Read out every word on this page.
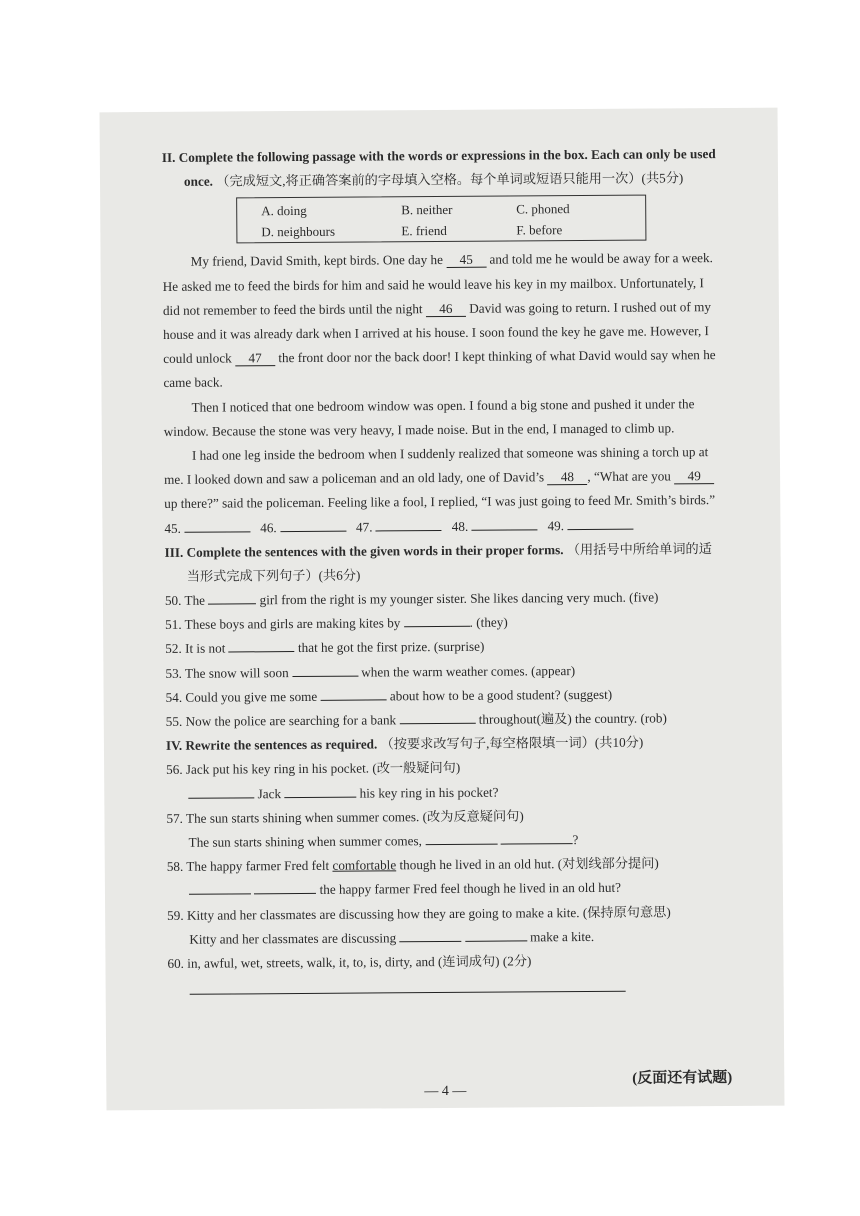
II. Complete the following passage with the words or expressions in the box. Each can only be used once. （完成短文,将正确答案前的字母填入空格。每个单词或短语只能用一次）(共5分)

A. doing	B. neither	C. phoned
D. neighbours	E. friend	F. before

My friend, David Smith, kept birds. One day he 45 and told me he would be away for a week. He asked me to feed the birds for him and said he would leave his key in my mailbox. Unfortunately, I did not remember to feed the birds until the night 46 David was going to return. I rushed out of my house and it was already dark when I arrived at his house. I soon found the key he gave me. However, I could unlock 47 the front door nor the back door! I kept thinking of what David would say when he came back.

Then I noticed that one bedroom window was open. I found a big stone and pushed it under the window. Because the stone was very heavy, I made noise. But in the end, I managed to climb up.

I had one leg inside the bedroom when I suddenly realized that someone was shining a torch up at me. I looked down and saw a policeman and an old lady, one of David’s 48 , “What are you 49 up there?” said the policeman. Feeling like a fool, I replied, “I was just going to feed Mr. Smith’s birds.”

45.	46.	47.	48.	49.

III. Complete the sentences with the given words in their proper forms. （用括号中所给单词的适当形式完成下列句子）(共6分)

50. The	girl from the right is my younger sister. She likes dancing very much. (five)

51. These boys and girls are making kites by	. (they)

52. It is not	that he got the first prize. (surprise)

53. The snow will soon	when the warm weather comes. (appear)

54. Could you give me some	about how to be a good student? (suggest)

55. Now the police are searching for a bank	throughout(遍及) the country. (rob)

IV. Rewrite the sentences as required. （按要求改写句子,每空格限填一词）(共10分)

56. Jack put his key ring in his pocket. (改一般疑问句)

Jack	his key ring in his pocket?

57. The sun starts shining when summer comes. (改为反意疑问句)

The sun starts shining when summer comes,	?

58. The happy farmer Fred felt comfortable though he lived in an old hut. (对划线部分提问)

the happy farmer Fred feel though he lived in an old hut?

59. Kitty and her classmates are discussing how they are going to make a kite. (保持原句意思)

Kitty and her classmates are discussing	make a kite.

60. in, awful, wet, streets, walk, it, to, is, dirty, and (连词成句) (2分)

(反面还有试题)
— 4 —
